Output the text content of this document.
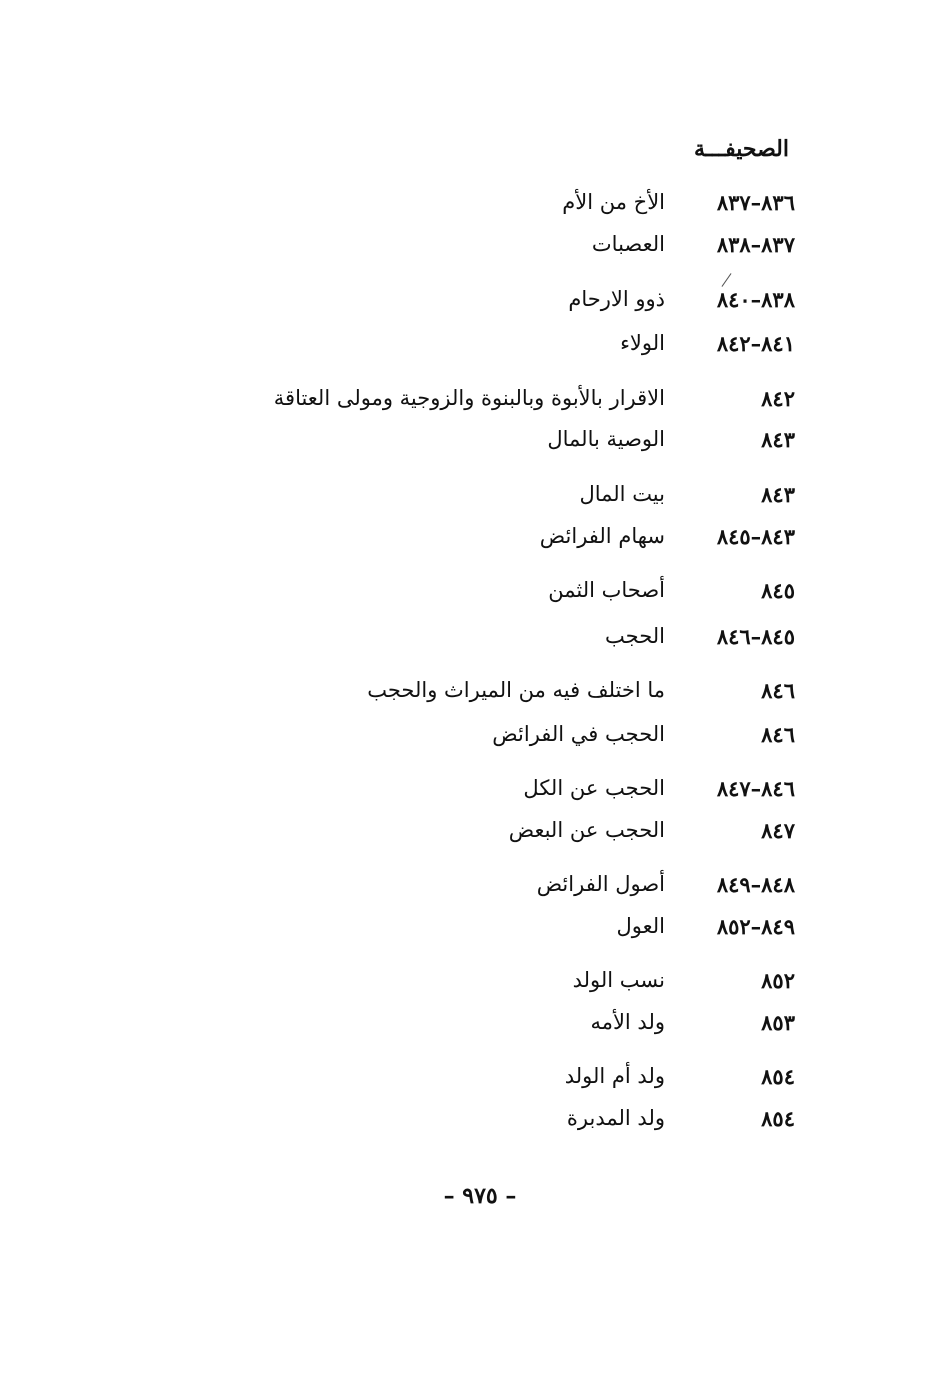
الصحيفـــة
٨٣٦–٨٣٧
الأخ من الأم
٨٣٧–٨٣٨
العصبات
٨٣٨–٨٤٠
ذوو الارحام
٨٤١–٨٤٢
الولاء
٨٤٢
الاقرار بالأبوة وبالبنوة والزوجية ومولى العتاقة
٨٤٣
الوصية بالمال
٨٤٣
بيت المال
٨٤٣–٨٤٥
سهام الفرائض
٨٤٥
أصحاب الثمن
٨٤٥–٨٤٦
الحجب
٨٤٦
ما اختلف فيه من الميراث والحجب
٨٤٦
الحجب في الفرائض
٨٤٦–٨٤٧
الحجب عن الكل
٨٤٧
الحجب عن البعض
٨٤٨–٨٤٩
أصول الفرائض
٨٤٩–٨٥٢
العول
٨٥٢
نسب الولد
٨٥٣
ولد الأمه
٨٥٤
ولد أم الولد
٨٥٤
ولد المدبرة
– ٩٧٥ –
